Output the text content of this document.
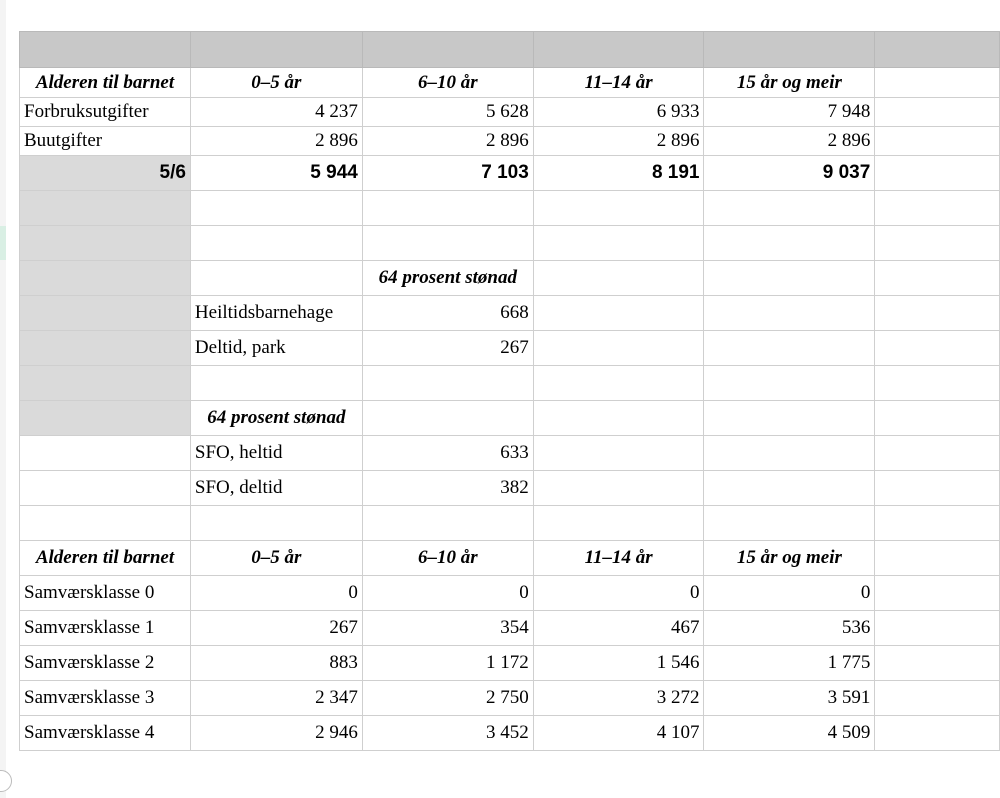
Alderen til barnet	0–5 år	6–10 år	11–14 år	15 år og meir	
Forbruksutgifter	4 237	5 628	6 933	7 948	
Buutgifter	2 896	2 896	2 896	2 896	
5/6	5 944	7 103	8 191	9 037	

		64 prosent stønad			
	Heiltidsbarnehage	668			
	Deltid, park	267			

	64 prosent stønad				
	SFO, heltid	633			
	SFO, deltid	382			

Alderen til barnet	0–5 år	6–10 år	11–14 år	15 år og meir	
Samværsklasse 0	0	0	0	0	
Samværsklasse 1	267	354	467	536	
Samværsklasse 2	883	1 172	1 546	1 775	
Samværsklasse 3	2 347	2 750	3 272	3 591	
Samværsklasse 4	2 946	3 452	4 107	4 509	
